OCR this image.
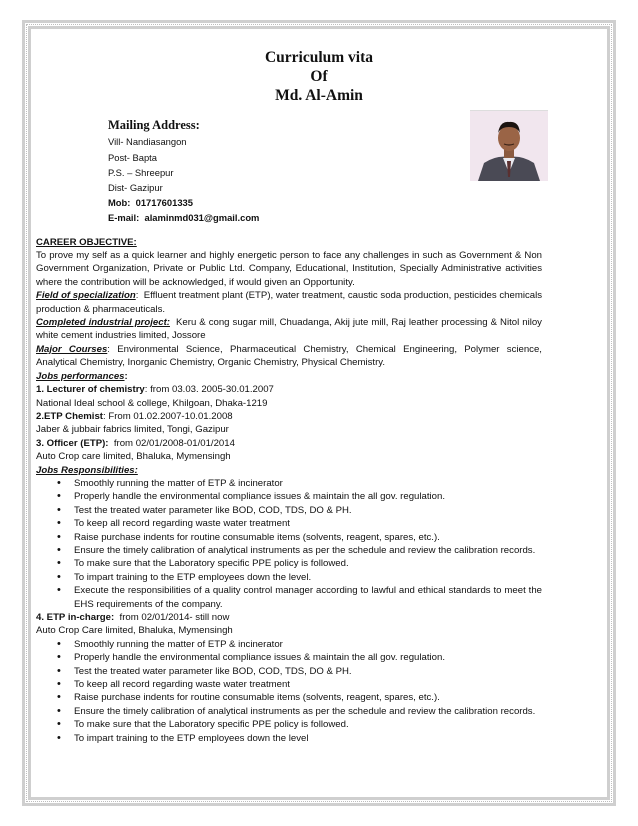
Curriculum vita
Of
Md. Al-Amin
Mailing Address:
Vill- Nandiasangon
Post- Bapta
P.S. – Shreepur
Dist- Gazipur
Mob: 01717601335
E-mail: alaminmd031@gmail.com
CAREER OBJECTIVE:

To prove my self as a quick learner and highly energetic person to face any challenges in such as Government & Non Government Organization, Private or Public Ltd. Company, Educational, Institution, Specially Administrative activities where the contribution will be acknowledged, if would given an Opportunity.

Field of specialization:  Effluent treatment plant (ETP), water treatment, caustic soda production, pesticides chemicals production & pharmaceuticals.

Completed industrial project: Keru & cong sugar mill, Chuadanga, Akij jute mill, Raj leather processing & Nitol niloy white cement industries limited, Jossore

Major Courses: Environmental Science, Pharmaceutical Chemistry, Chemical Engineering, Polymer science, Analytical Chemistry, Inorganic Chemistry, Organic Chemistry, Physical Chemistry.

Jobs performances:
1. Lecturer of chemistry: from 03.03. 2005-30.01.2007
National Ideal school & college, Khilgoan, Dhaka-1219
2.ETP Chemist: From 01.02.2007-10.01.2008
Jaber & jubbair fabrics limited, Tongi, Gazipur
3. Officer (ETP): from 02/01/2008-01/01/2014
Auto Crop care limited, Bhaluka, Mymensingh
Jobs Responsibilities:
• Smoothly running the matter of ETP & incinerator
• Properly handle the environmental compliance issues & maintain the all gov. regulation.
• Test the treated water parameter like BOD, COD, TDS, DO & PH.
• To keep all record regarding waste water treatment
• Raise purchase indents for routine consumable items (solvents, reagent, spares, etc.).
• Ensure the timely calibration of analytical instruments as per the schedule and review the calibration records.
• To make sure that the Laboratory specific PPE policy is followed.
• To impart training to the ETP employees down the level.
• Execute the responsibilities of a quality control manager according to lawful and ethical standards to meet the EHS requirements of the company.
4. ETP in-charge: from 02/01/2014- still now
Auto Crop Care limited, Bhaluka, Mymensingh
• Smoothly running the matter of ETP & incinerator
• Properly handle the environmental compliance issues & maintain the all gov. regulation.
• Test the treated water parameter like BOD, COD, TDS, DO & PH.
• To keep all record regarding waste water treatment
• Raise purchase indents for routine consumable items (solvents, reagent, spares, etc.).
• Ensure the timely calibration of analytical instruments as per the schedule and review the calibration records.
• To make sure that the Laboratory specific PPE policy is followed.
• To impart training to the ETP employees down the level
